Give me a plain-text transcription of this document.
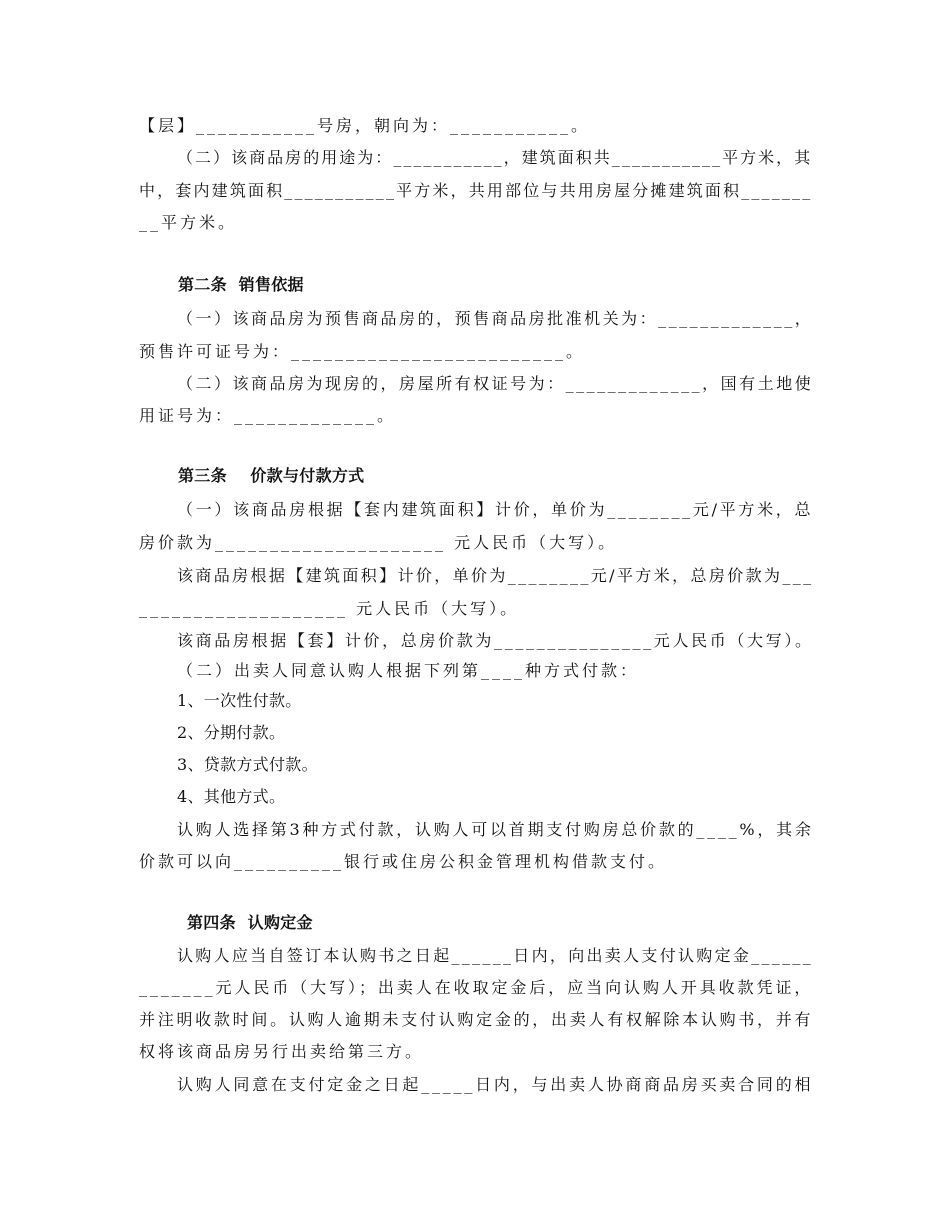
【层】___________号房，朝向为：___________。
（二）该商品房的用途为：___________，建筑面积共___________平方米，其
中，套内建筑面积___________平方米，共用部位与共用房屋分摊建筑面积_______
__平方米。
第二条  销售依据
（一）该商品房为预售商品房的，预售商品房批准机关为：_____________，
预售许可证号为：_________________________。
（二）该商品房为现房的，房屋所有权证号为：_____________，国有土地使
用证号为：_____________。
第三条    价款与付款方式
（一）该商品房根据【套内建筑面积】计价，单价为________元/平方米，总
房价款为_____________________ 元人民币（大写）。
该商品房根据【建筑面积】计价，单价为________元/平方米，总房价款为___
___________________ 元人民币（大写）。
该商品房根据【套】计价，总房价款为_______________元人民币（大写）。
（二）出卖人同意认购人根据下列第____种方式付款：
1、一次性付款。
2、分期付款。
3、贷款方式付款。
4、其他方式。
认购人选择第3种方式付款，认购人可以首期支付购房总价款的____%，其余
价款可以向__________银行或住房公积金管理机构借款支付。
第四条  认购定金
认购人应当自签订本认购书之日起______日内，向出卖人支付认购定金______
_______元人民币（大写）；出卖人在收取定金后，应当向认购人开具收款凭证，
并注明收款时间。认购人逾期未支付认购定金的，出卖人有权解除本认购书，并有
权将该商品房另行出卖给第三方。
认购人同意在支付定金之日起_____日内，与出卖人协商商品房买卖合同的相
